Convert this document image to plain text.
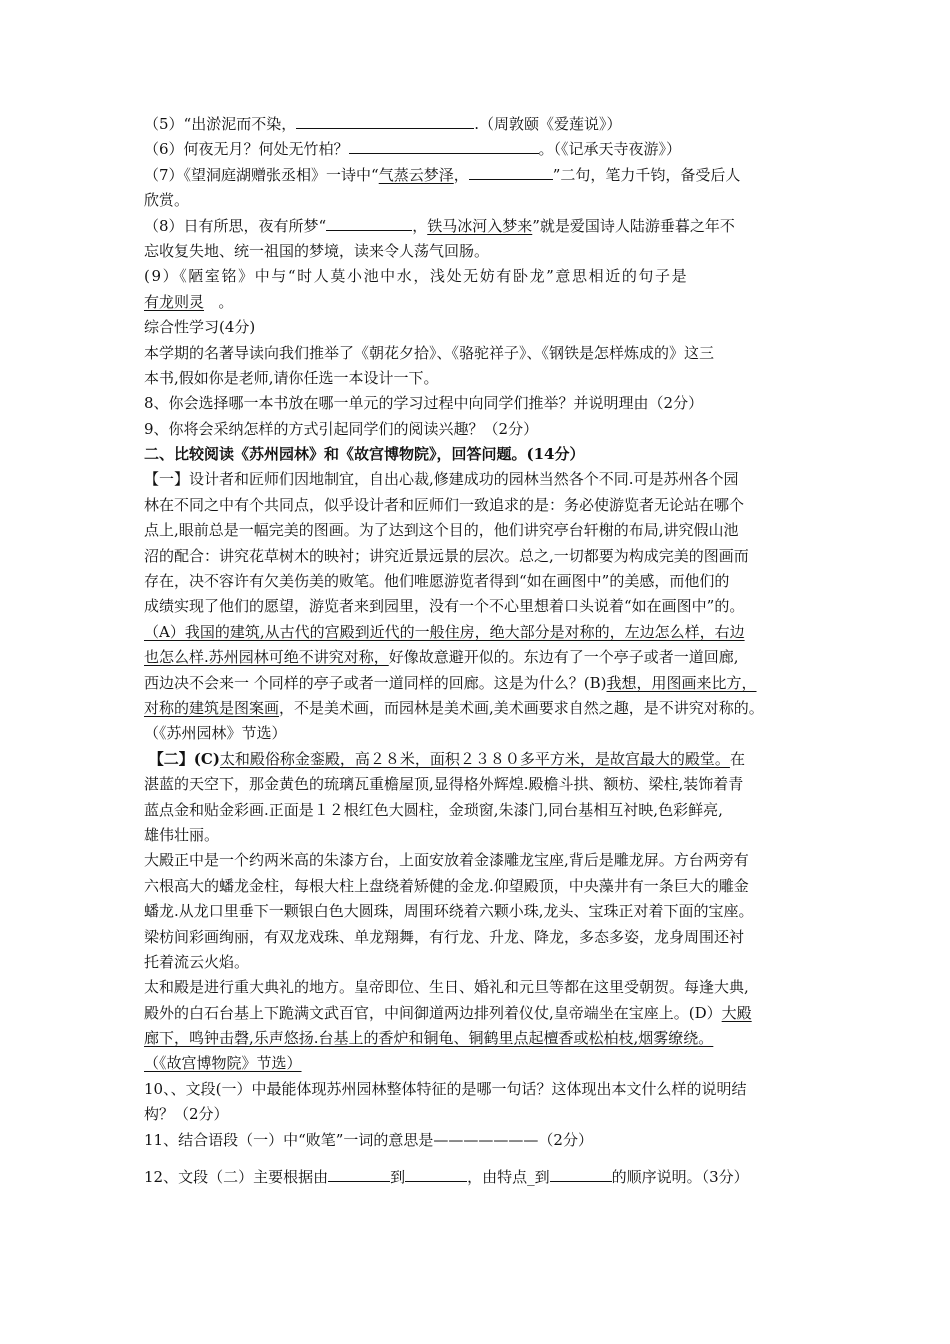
（5）“出淤泥而不染，	.（周敦颐《爱莲说》）
（6）何夜无月？何处无竹柏？	。（《记承天寺夜游》）
（7）《望洞庭湖赠张丞相》一诗中“气蒸云梦泽，	”二句，笔力千钧，备受后人
欣赏。
（8）日有所思，夜有所梦“	，铁马冰河入梦来”就是爱国诗人陆游垂暮之年不
忘收复失地、统一祖国的梦境，读来令人荡气回肠。
(9）《陋室铭》中与“时人莫小池中水，浅处无妨有卧龙”意思相近的句子是
有龙则灵 。
综合性学习(4分)
本学期的名著导读向我们推举了《朝花夕拾》、《骆驼祥子》、《钢铁是怎样炼成的》这三
本书,假如你是老师,请你任选一本设计一下。
8、你会选择哪一本书放在哪一单元的学习过程中向同学们推举？并说明理由（2分）
9、你将会采纳怎样的方式引起同学们的阅读兴趣？（2分）
二、比较阅读《苏州园林》和《故宫博物院》，回答问题。(14分）
【一】设计者和匠师们因地制宜，自出心裁,修建成功的园林当然各个不同.可是苏州各个园
林在不同之中有个共同点，似乎设计者和匠师们一致追求的是：务必使游览者无论站在哪个
点上,眼前总是一幅完美的图画。为了达到这个目的，他们讲究亭台轩榭的布局,讲究假山池
沼的配合：讲究花草树木的映衬；讲究近景远景的层次。总之,一切都要为构成完美的图画而
存在，决不容许有欠美伤美的败笔。他们唯愿游览者得到“如在画图中”的美感，而他们的
成绩实现了他们的愿望，游览者来到园里，没有一个不心里想着口头说着“如在画图中”的。
（A）我国的建筑,从古代的宫殿到近代的一般住房，绝大部分是对称的，左边怎么样，右边
也怎么样.苏州园林可绝不讲究对称，好像故意避开似的。东边有了一个亭子或者一道回廊,
西边决不会来一 个同样的亭子或者一道同样的回廊。这是为什么？(B)我想，用图画来比方，
对称的建筑是图案画，不是美术画，而园林是美术画,美术画要求自然之趣，是不讲究对称的。
（《苏州园林》节选）
【二】(C)太和殿俗称金銮殿，高２８米，面积２３８０多平方米，是故宫最大的殿堂。在
湛蓝的天空下，那金黄色的琉璃瓦重檐屋顶,显得格外辉煌.殿檐斗拱、额枋、梁柱,装饰着青
蓝点金和贴金彩画.正面是１２根红色大圆柱，金琐窗,朱漆门,同台基相互衬映,色彩鲜亮,
雄伟壮丽。
大殿正中是一个约两米高的朱漆方台，上面安放着金漆雕龙宝座,背后是雕龙屏。方台两旁有
六根高大的蟠龙金柱，每根大柱上盘绕着矫健的金龙.仰望殿顶，中央藻井有一条巨大的雕金
蟠龙.从龙口里垂下一颗银白色大圆珠，周围环绕着六颗小珠,龙头、宝珠正对着下面的宝座。
梁枋间彩画绚丽，有双龙戏珠、单龙翔舞，有行龙、升龙、降龙，多态多姿，龙身周围还衬
托着流云火焰。
太和殿是进行重大典礼的地方。皇帝即位、生日、婚礼和元旦等都在这里受朝贺。每逢大典,
殿外的白石台基上下跪满文武百官，中间御道两边排列着仪仗,皇帝端坐在宝座上。(D）大殿
廊下，鸣钟击磬,乐声悠扬.台基上的香炉和铜龟、铜鹤里点起檀香或松柏枝,烟雾缭绕。
（《故宫博物院》节选）
10、、文段(一）中最能体现苏州园林整体特征的是哪一句话？这体现出本文什么样的说明结
构？（2分）
11、结合语段（一）中“败笔”一词的意思是———————（2分）
12、文段（二）主要根据由	到	，由特点_到	的顺序说明。（3分）
